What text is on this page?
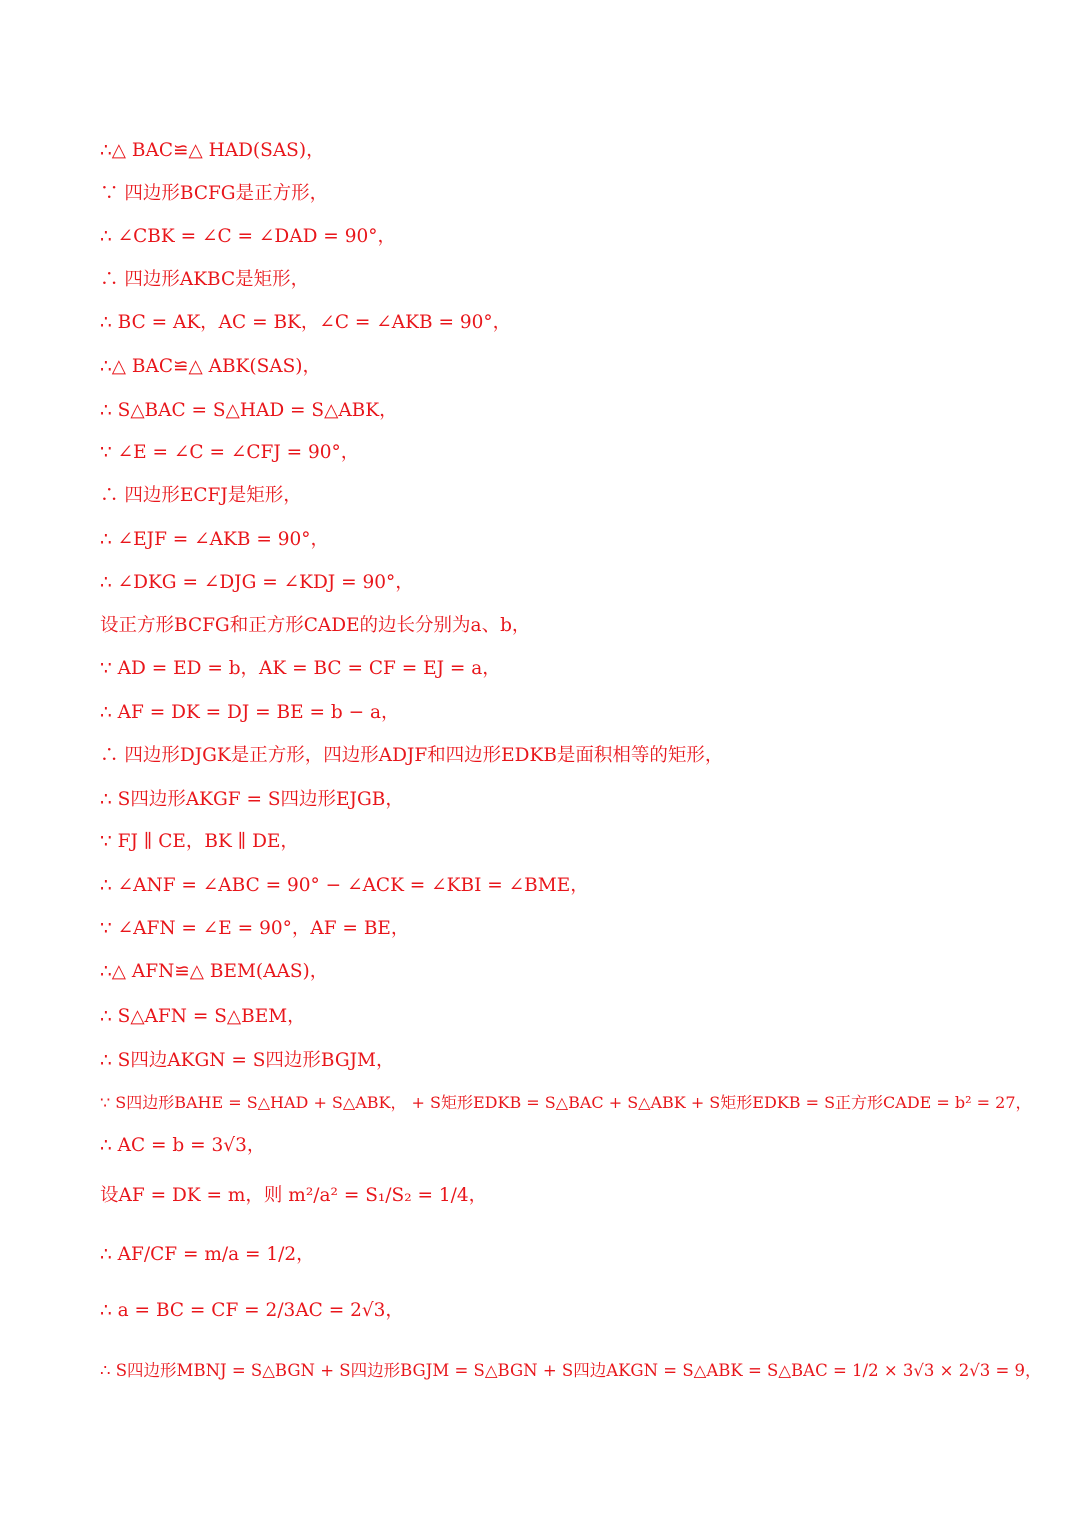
∴△ BAC≌△ HAD(SAS)，
∵ 四边形BCFG是正方形，
∴ ∠CBK = ∠C = ∠DAD = 90°，
∴ 四边形AKBC是矩形，
∴ BC = AK，AC = BK，∠C = ∠AKB = 90°，
∴△ BAC≌△ ABK(SAS)，
∴ S△BAC = S△HAD = S△ABK，
∵ ∠E = ∠C = ∠CFJ = 90°，
∴ 四边形ECFJ是矩形，
∴ ∠EJF = ∠AKB = 90°，
∴ ∠DKG = ∠DJG = ∠KDJ = 90°，
设正方形BCFG和正方形CADE的边长分别为a、b，
∵ AD = ED = b，AK = BC = CF = EJ = a，
∴ AF = DK = DJ = BE = b − a，
∴ 四边形DJGK是正方形，四边形ADJF和四边形EDKB是面积相等的矩形，
∴ S四边形AKGF = S四边形EJGB，
∵ FJ ∥ CE，BK ∥ DE，
∴ ∠ANF = ∠ABC = 90° − ∠ACK = ∠KBI = ∠BME，
∵ ∠AFN = ∠E = 90°，AF = BE，
∴△ AFN≌△ BEM(AAS)，
∴ S△AFN = S△BEM，
∴ S四边AKGN = S四边形BGJM，
∵ S四边形BAHE = S△HAD + S△ABK， + S矩形EDKB = S△BAC + S△ABK + S矩形EDKB = S正方形CADE = b² = 27，
∴ AC = b = 3√3，
设AF = DK = m，则 m²/a² = S₁/S₂ = 1/4，
∴ AF/CF = m/a = 1/2，
∴ a = BC = CF = 2/3AC = 2√3，
∴ S四边形MBNJ = S△BGN + S四边形BGJM = S△BGN + S四边AKGN = S△ABK = S△BAC = 1/2 × 3√3 × 2√3 = 9，
